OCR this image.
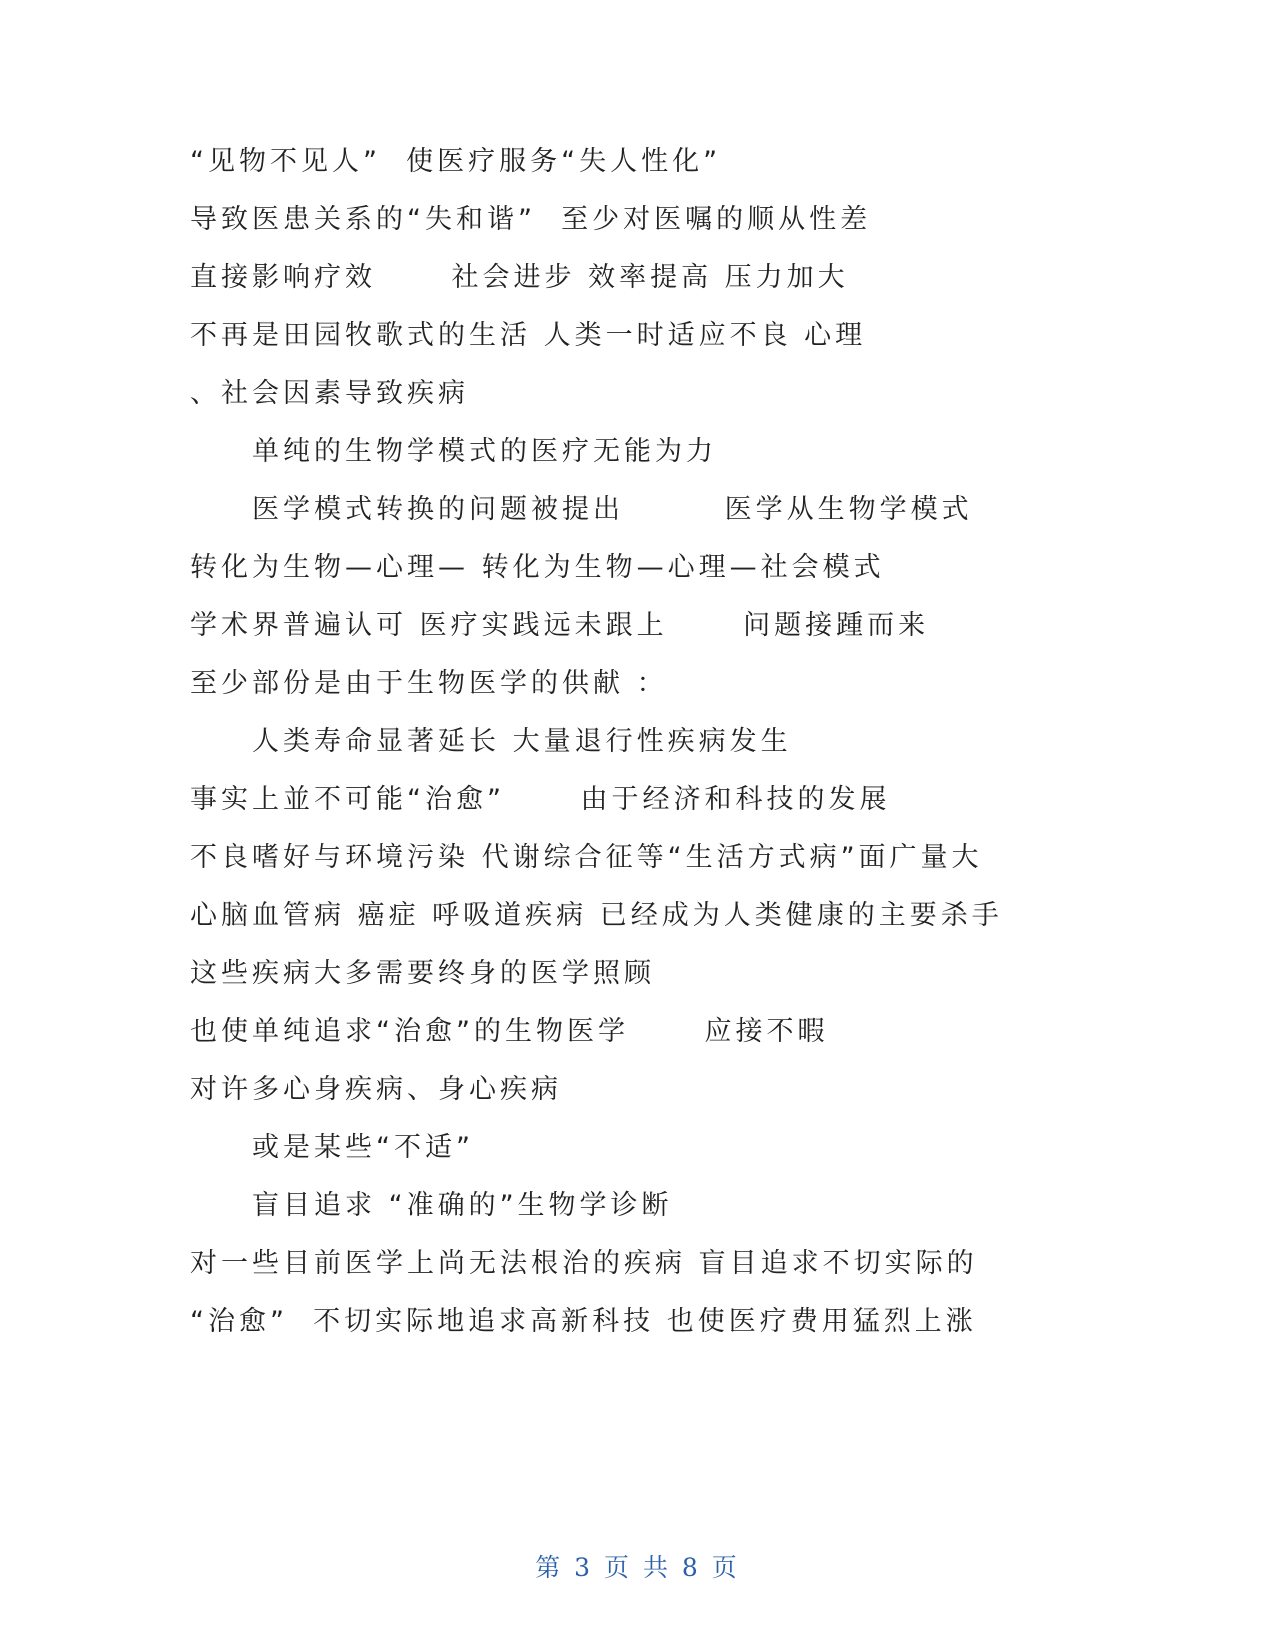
“见物不见人”  使医疗服务“失人性化”
导致医患关系的“失和谐”  至少对医嘱的顺从性差
直接影响疗效      社会进步 效率提高 压力加大
不再是田园牧歌式的生活 人类一时适应不良 心理
、社会因素导致疾病
单纯的生物学模式的医疗无能为力
医学模式转换的问题被提出        医学从生物学模式
转化为生物—心理— 转化为生物—心理—社会模式
学术界普遍认可 医疗实践远未跟上      问题接踵而来
至少部份是由于生物医学的供献 ：
人类寿命显著延长 大量退行性疾病发生
事实上並不可能“治愈”      由于经济和科技的发展
不良嗜好与环境污染 代谢综合征等“生活方式病”面广量大
心脑血管病 癌症 呼吸道疾病 已经成为人类健康的主要杀手
这些疾病大多需要终身的医学照顾
也使单纯追求“治愈”的生物医学      应接不暇
对许多心身疾病、身心疾病
或是某些“不适”
盲目追求 “准确的”生物学诊断
对一些目前医学上尚无法根治的疾病 盲目追求不切实际的
“治愈”  不切实际地追求高新科技 也使医疗费用猛烈上涨
第 3 页 共 8 页
